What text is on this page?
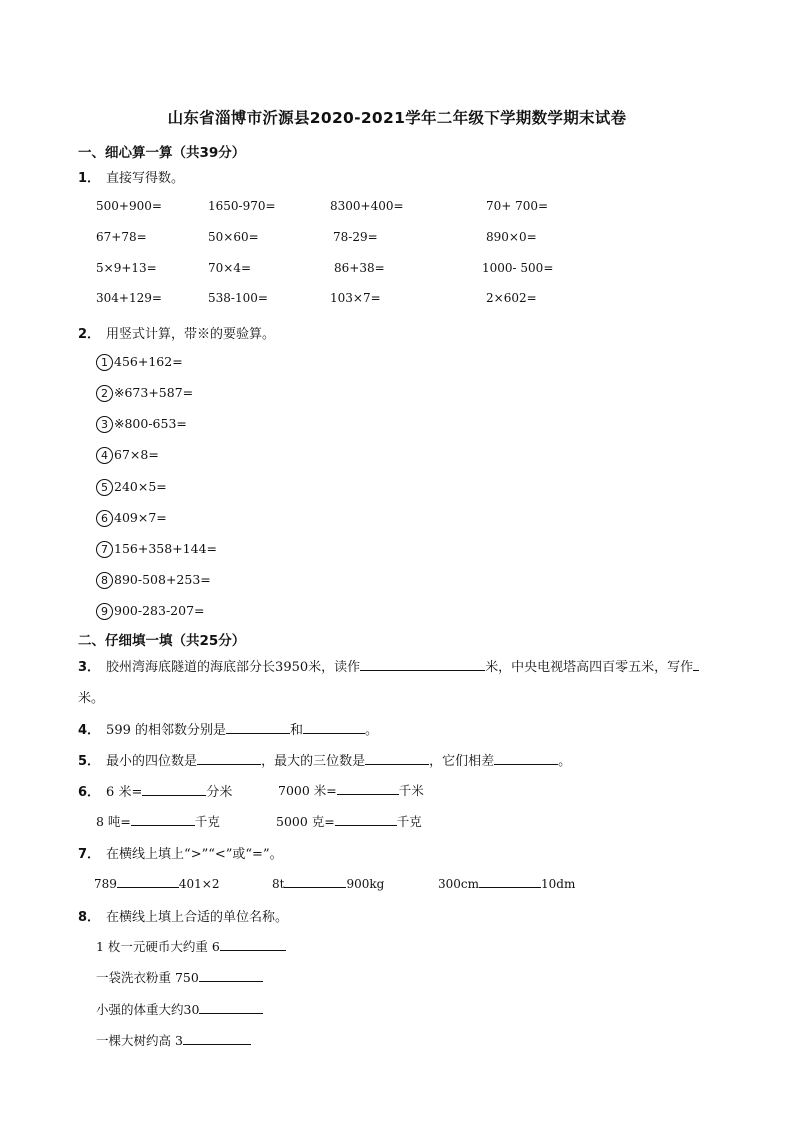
山东省淄博市沂源县2020-2021学年二年级下学期数学期末试卷
一、细心算一算（共39分）
1． 直接写得数。
500+900=	1650-970=	8300+400=	70+ 700=
67+78=	50×60=	78-29=	890×0=
5×9+13=	70×4=	86+38=	1000- 500=
304+129=	538-100=	103×7=	2×602=
2． 用竖式计算，带※的要验算。
1 456+162=
2 ※673+587=
3 ※800-653=
4 67×8=
5 240×5=
6 409×7=
7 156+358+144=
8 890-508+253=
9 900-283-207=
二、仔细填一填（共25分）
3． 胶州湾海底隧道的海底部分长3950米，读作	米，中央电视塔高四百零五米，写作
米。
4． 599 的相邻数分别是	和	。
5． 最小的四位数是	，最大的三位数是	，它们相差	。
6． 6 米=	分米	7000 米=	千米
8 吨=	千克	5000 克=	千克
7． 在横线上填上“>”“<”或“=”。
789	401×2	8t	900kg	300cm	10dm
8． 在横线上填上合适的单位名称。
1 枚一元硬币大约重 6
一袋洗衣粉重 750
小强的体重大约30
一棵大树约高 3
